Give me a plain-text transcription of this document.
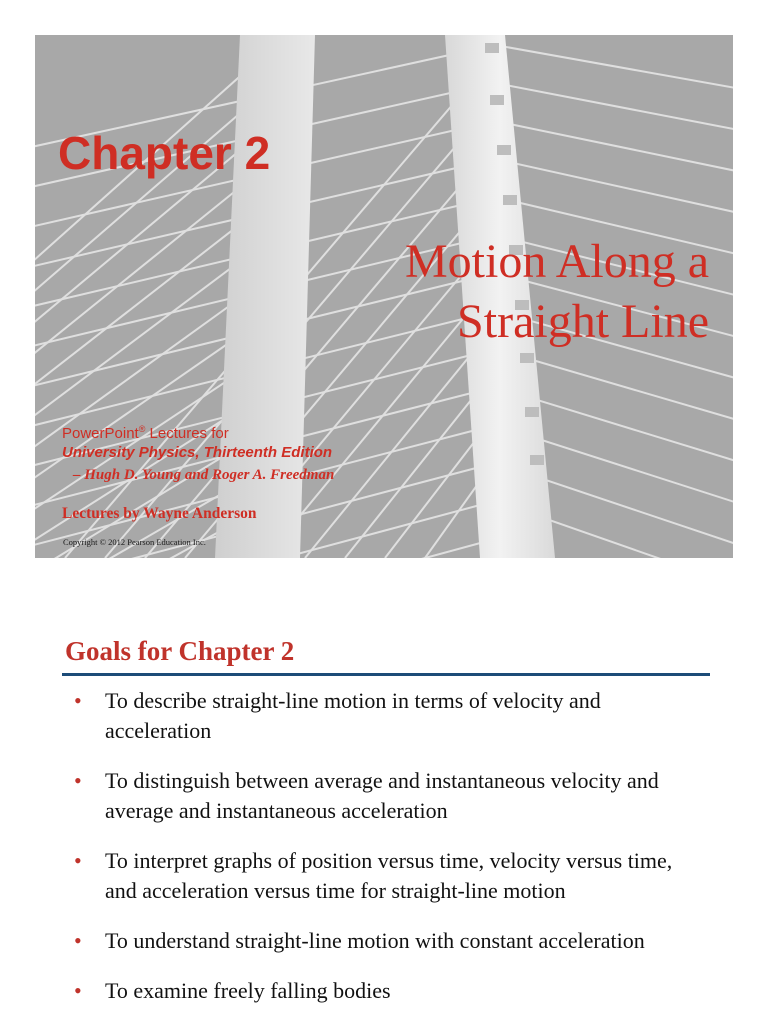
Chapter 2
Motion Along a
Straight Line
PowerPoint® Lectures for
University Physics, Thirteenth Edition
– Hugh D. Young and Roger A. Freedman
Lectures by Wayne Anderson
Copyright © 2012 Pearson Education Inc.
Goals for Chapter 2
• To describe straight-line motion in terms of velocity and acceleration
• To distinguish between average and instantaneous velocity and average and instantaneous acceleration
• To interpret graphs of position versus time, velocity versus time, and acceleration versus time for straight-line motion
• To understand straight-line motion with constant acceleration
• To examine freely falling bodies
